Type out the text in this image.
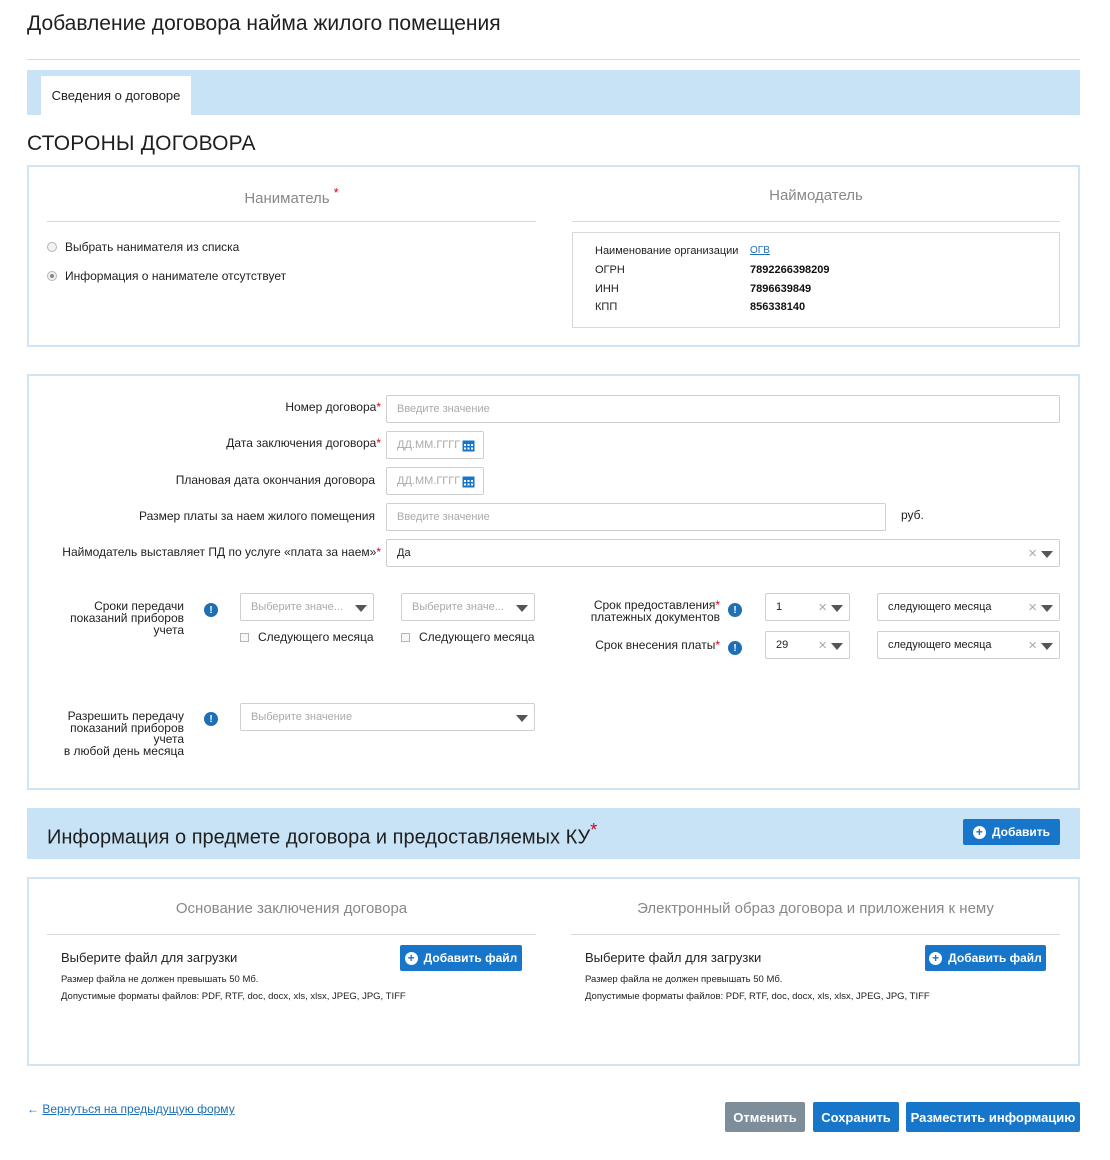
Добавление договора найма жилого помещения
Сведения о договоре
СТОРОНЫ ДОГОВОРА
Наниматель *
Выбрать нанимателя из списка
Информация о нанимателе отсутствует
Наймодатель
Наименование организации ОГВ
ОГРН	7892266398209
ИНН	7896639849
КПП	856338140
Номер договора* Введите значение
Дата заключения договора* ДД.ММ.ГГГГ
Плановая дата окончания договора ДД.ММ.ГГГГ
Размер платы за наем жилого помещения Введите значение	руб.
Наймодатель выставляет ПД по услуге «плата за наем»* Да	×
Сроки передачи
показаний приборов учета
!	Выберите значе...	Выберите значе...
Следующего месяца	Следующего месяца
Срок предоставления*
платежных документов	!	1 ×	следующего месяца ×
Срок внесения платы*	!	29 ×	следующего месяца ×
Разрешить передачу
показаний приборов учета
в любой день месяца
!	Выберите значение
Информация о предмете договора и предоставляемых КУ*	+ Добавить
Основание заключения договора
Выберите файл для загрузки	+ Добавить файл
Размер файла не должен превышать 50 Мб.
Допустимые форматы файлов: PDF, RTF, doc, docx, xls, xlsx, JPEG, JPG, TIFF
Электронный образ договора и приложения к нему
Выберите файл для загрузки	+ Добавить файл
Размер файла не должен превышать 50 Мб.
Допустимые форматы файлов: PDF, RTF, doc, docx, xls, xlsx, JPEG, JPG, TIFF
← Вернуться на предыдущую форму
Отменить	Сохранить	Разместить информацию
